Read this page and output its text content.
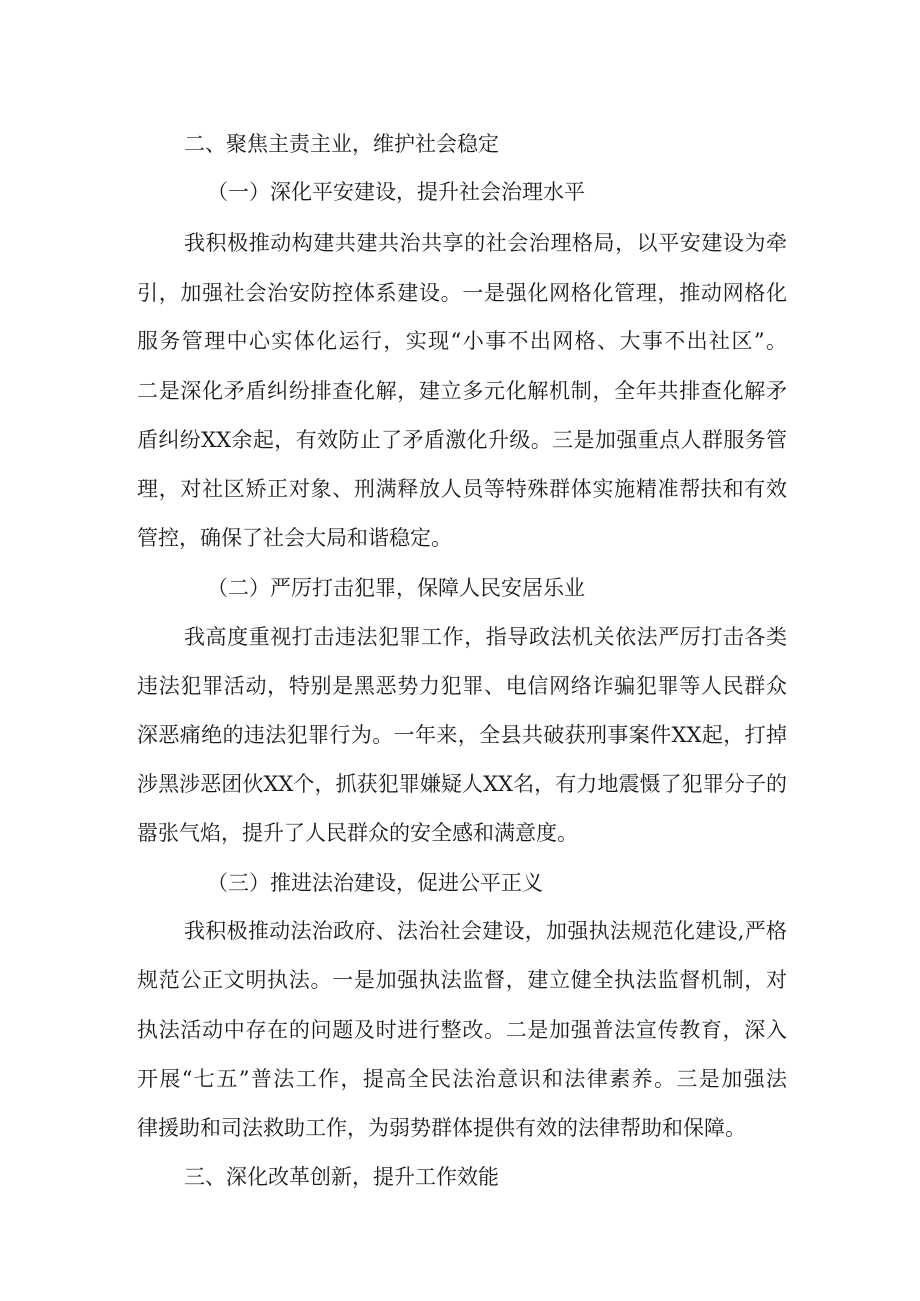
二、聚焦主责主业，维护社会稳定
（一）深化平安建设，提升社会治理水平
我积极推动构建共建共治共享的社会治理格局，以平安建设为牵
引，加强社会治安防控体系建设。一是强化网格化管理，推动网格化
服务管理中心实体化运行，实现“小事不出网格、大事不出社区”。
二是深化矛盾纠纷排查化解，建立多元化解机制，全年共排查化解矛
盾纠纷XX余起，有效防止了矛盾激化升级。三是加强重点人群服务管
理，对社区矫正对象、刑满释放人员等特殊群体实施精准帮扶和有效
管控，确保了社会大局和谐稳定。
（二）严厉打击犯罪，保障人民安居乐业
我高度重视打击违法犯罪工作，指导政法机关依法严厉打击各类
违法犯罪活动，特别是黑恶势力犯罪、电信网络诈骗犯罪等人民群众
深恶痛绝的违法犯罪行为。一年来，全县共破获刑事案件XX起，打掉
涉黑涉恶团伙XX个，抓获犯罪嫌疑人XX名，有力地震慑了犯罪分子的
嚣张气焰，提升了人民群众的安全感和满意度。
（三）推进法治建设，促进公平正义
我积极推动法治政府、法治社会建设，加强执法规范化建设,严格
规范公正文明执法。一是加强执法监督，建立健全执法监督机制，对
执法活动中存在的问题及时进行整改。二是加强普法宣传教育，深入
开展“七五”普法工作，提高全民法治意识和法律素养。三是加强法
律援助和司法救助工作，为弱势群体提供有效的法律帮助和保障。
三、深化改革创新，提升工作效能
